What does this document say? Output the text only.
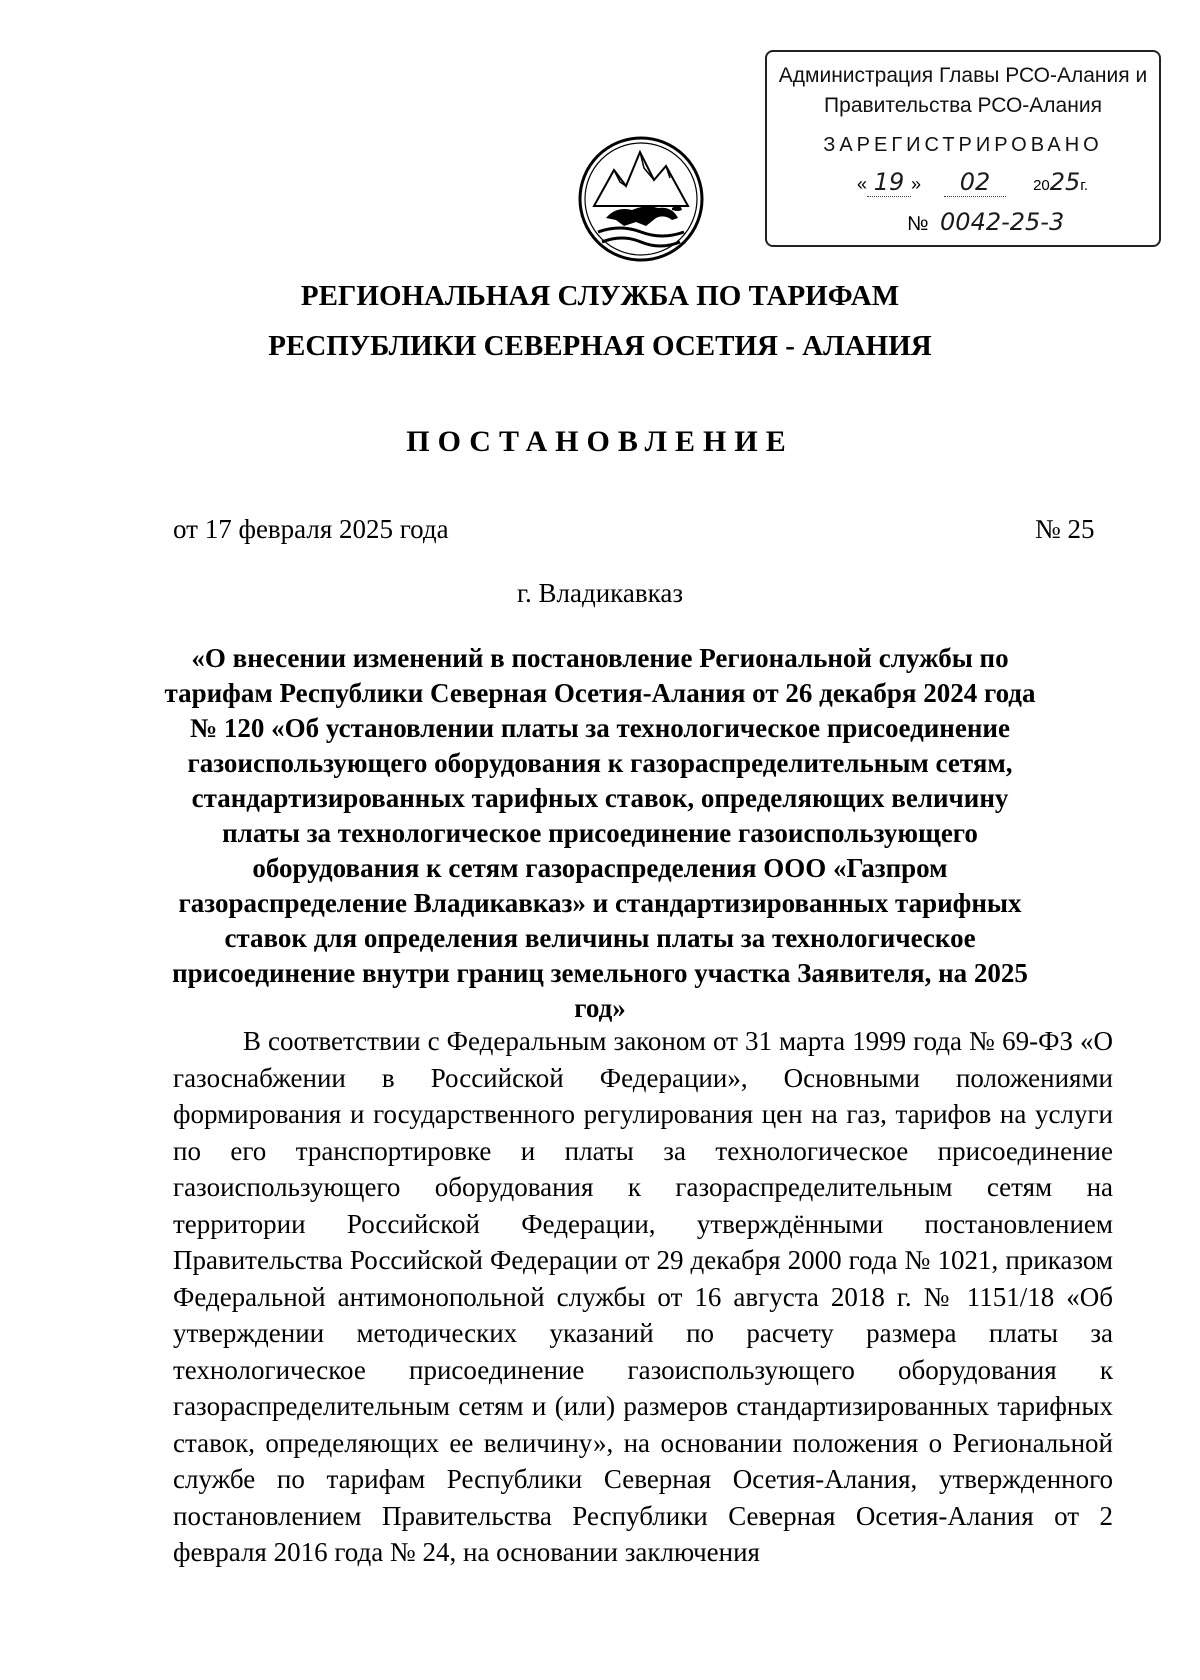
Администрация Главы РСО-Алания и
Правительства РСО-Алания
ЗАРЕГИСТРИРОВАНО
« 19 » 02	2025г.
№ 0042-25-3
РЕГИОНАЛЬНАЯ СЛУЖБА ПО ТАРИФАМ
РЕСПУБЛИКИ СЕВЕРНАЯ ОСЕТИЯ - АЛАНИЯ
ПОСТАНОВЛЕНИЕ
от 17 февраля 2025 года	№ 25
г. Владикавказ

«О внесении изменений в постановление Региональной службы по тарифам Республики Северная Осетия-Алания от 26 декабря 2024 года № 120 «Об установлении платы за технологическое присоединение газоиспользующего оборудования к газораспределительным сетям, стандартизированных тарифных ставок, определяющих величину платы за технологическое присоединение газоиспользующего оборудования к сетям газораспределения ООО «Газпром газораспределение Владикавказ» и стандартизированных тарифных ставок для определения величины платы за технологическое присоединение внутри границ земельного участка Заявителя, на 2025 год»

В соответствии с Федеральным законом от 31 марта 1999 года № 69-ФЗ «О газоснабжении в Российской Федерации», Основными положениями формирования и государственного регулирования цен на газ, тарифов на услуги по его транспортировке и платы за технологическое присоединение газоиспользующего оборудования к газораспределительным сетям на территории Российской Федерации, утверждёнными постановлением Правительства Российской Федерации от 29 декабря 2000 года № 1021, приказом Федеральной антимонопольной службы от 16 августа 2018 г. № 1151/18 «Об утверждении методических указаний по расчету размера платы за технологическое присоединение газоиспользующего оборудования к газораспределительным сетям и (или) размеров стандартизированных тарифных ставок, определяющих ее величину», на основании положения о Региональной службе по тарифам Республики Северная Осетия-Алания, утвержденного постановлением Правительства Республики Северная Осетия-Алания от 2 февраля 2016 года № 24, на основании заключения
